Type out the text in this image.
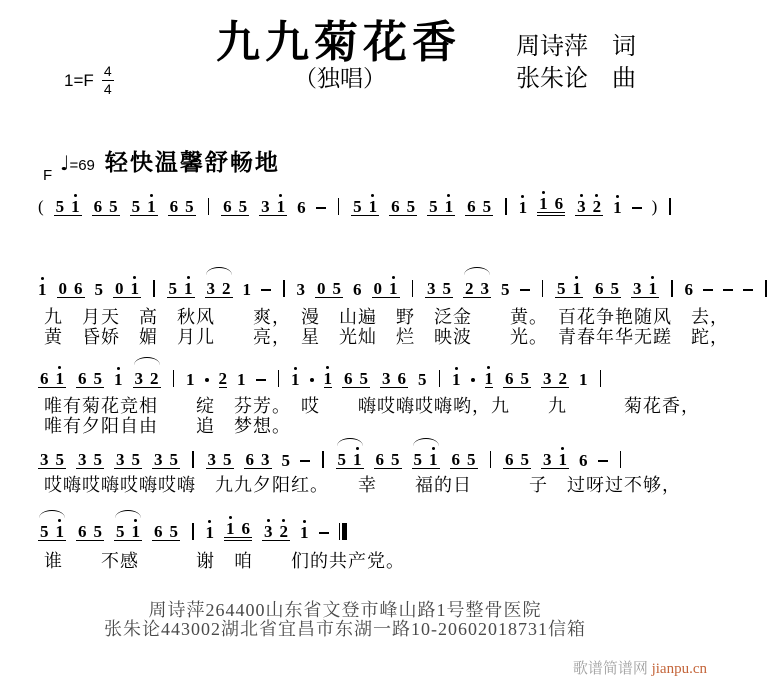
九九菊花香 周诗萍　词
张朱论　曲
（独唱）
1=F 4
4
♩ =69 轻快温馨舒畅地
F
( 5 1 6 5 5 1 6 5 6 5 3 1 6	5 1 6 5 5 1 6 5 1 1 6 3 2 1 )
1 0 6 5 0 1 5 1 3 2 1	3 0 5 6 0 1 3 5 2 3 5	5 1 6 5 3 1 6
九　月天　高　秋风　　爽，　漫　山遍　野　泛金　　黄。　百花争艳随风　去，
黄　昏娇　媚　月儿　　亮，　星　光灿　烂　映波　　光。　青春年华无蹉　跎，
6 1 6 5 1 3 2 1 2 1	1 1 6 5 3 6 5 1 1 6 5 3 2 1
唯有菊花竞相　　绽　芬芳。　哎　　嗨哎嗨哎嗨哟，九　　九　　　菊花香，
唯有夕阳自由　　追　梦想。
3 5 3 5 3 5 3 5 3 5 6 3 5	5 1 6 5 5 1 6 5 6 5 3 1 6
哎嗨哎嗨哎嗨哎嗨　九九夕阳红。　　幸　　福的日　　　子　过呀过不够，
5 1 6 5 5 1 6 5 1 1 6 3 2 1
谁　　不感　　　谢　咱　　们的共产党。
周诗萍264400山东省文登市峰山路1号整骨医院
张朱论443002湖北省宜昌市东湖一路10-20602018731信箱

歌谱简谱网 jianpu.cn
